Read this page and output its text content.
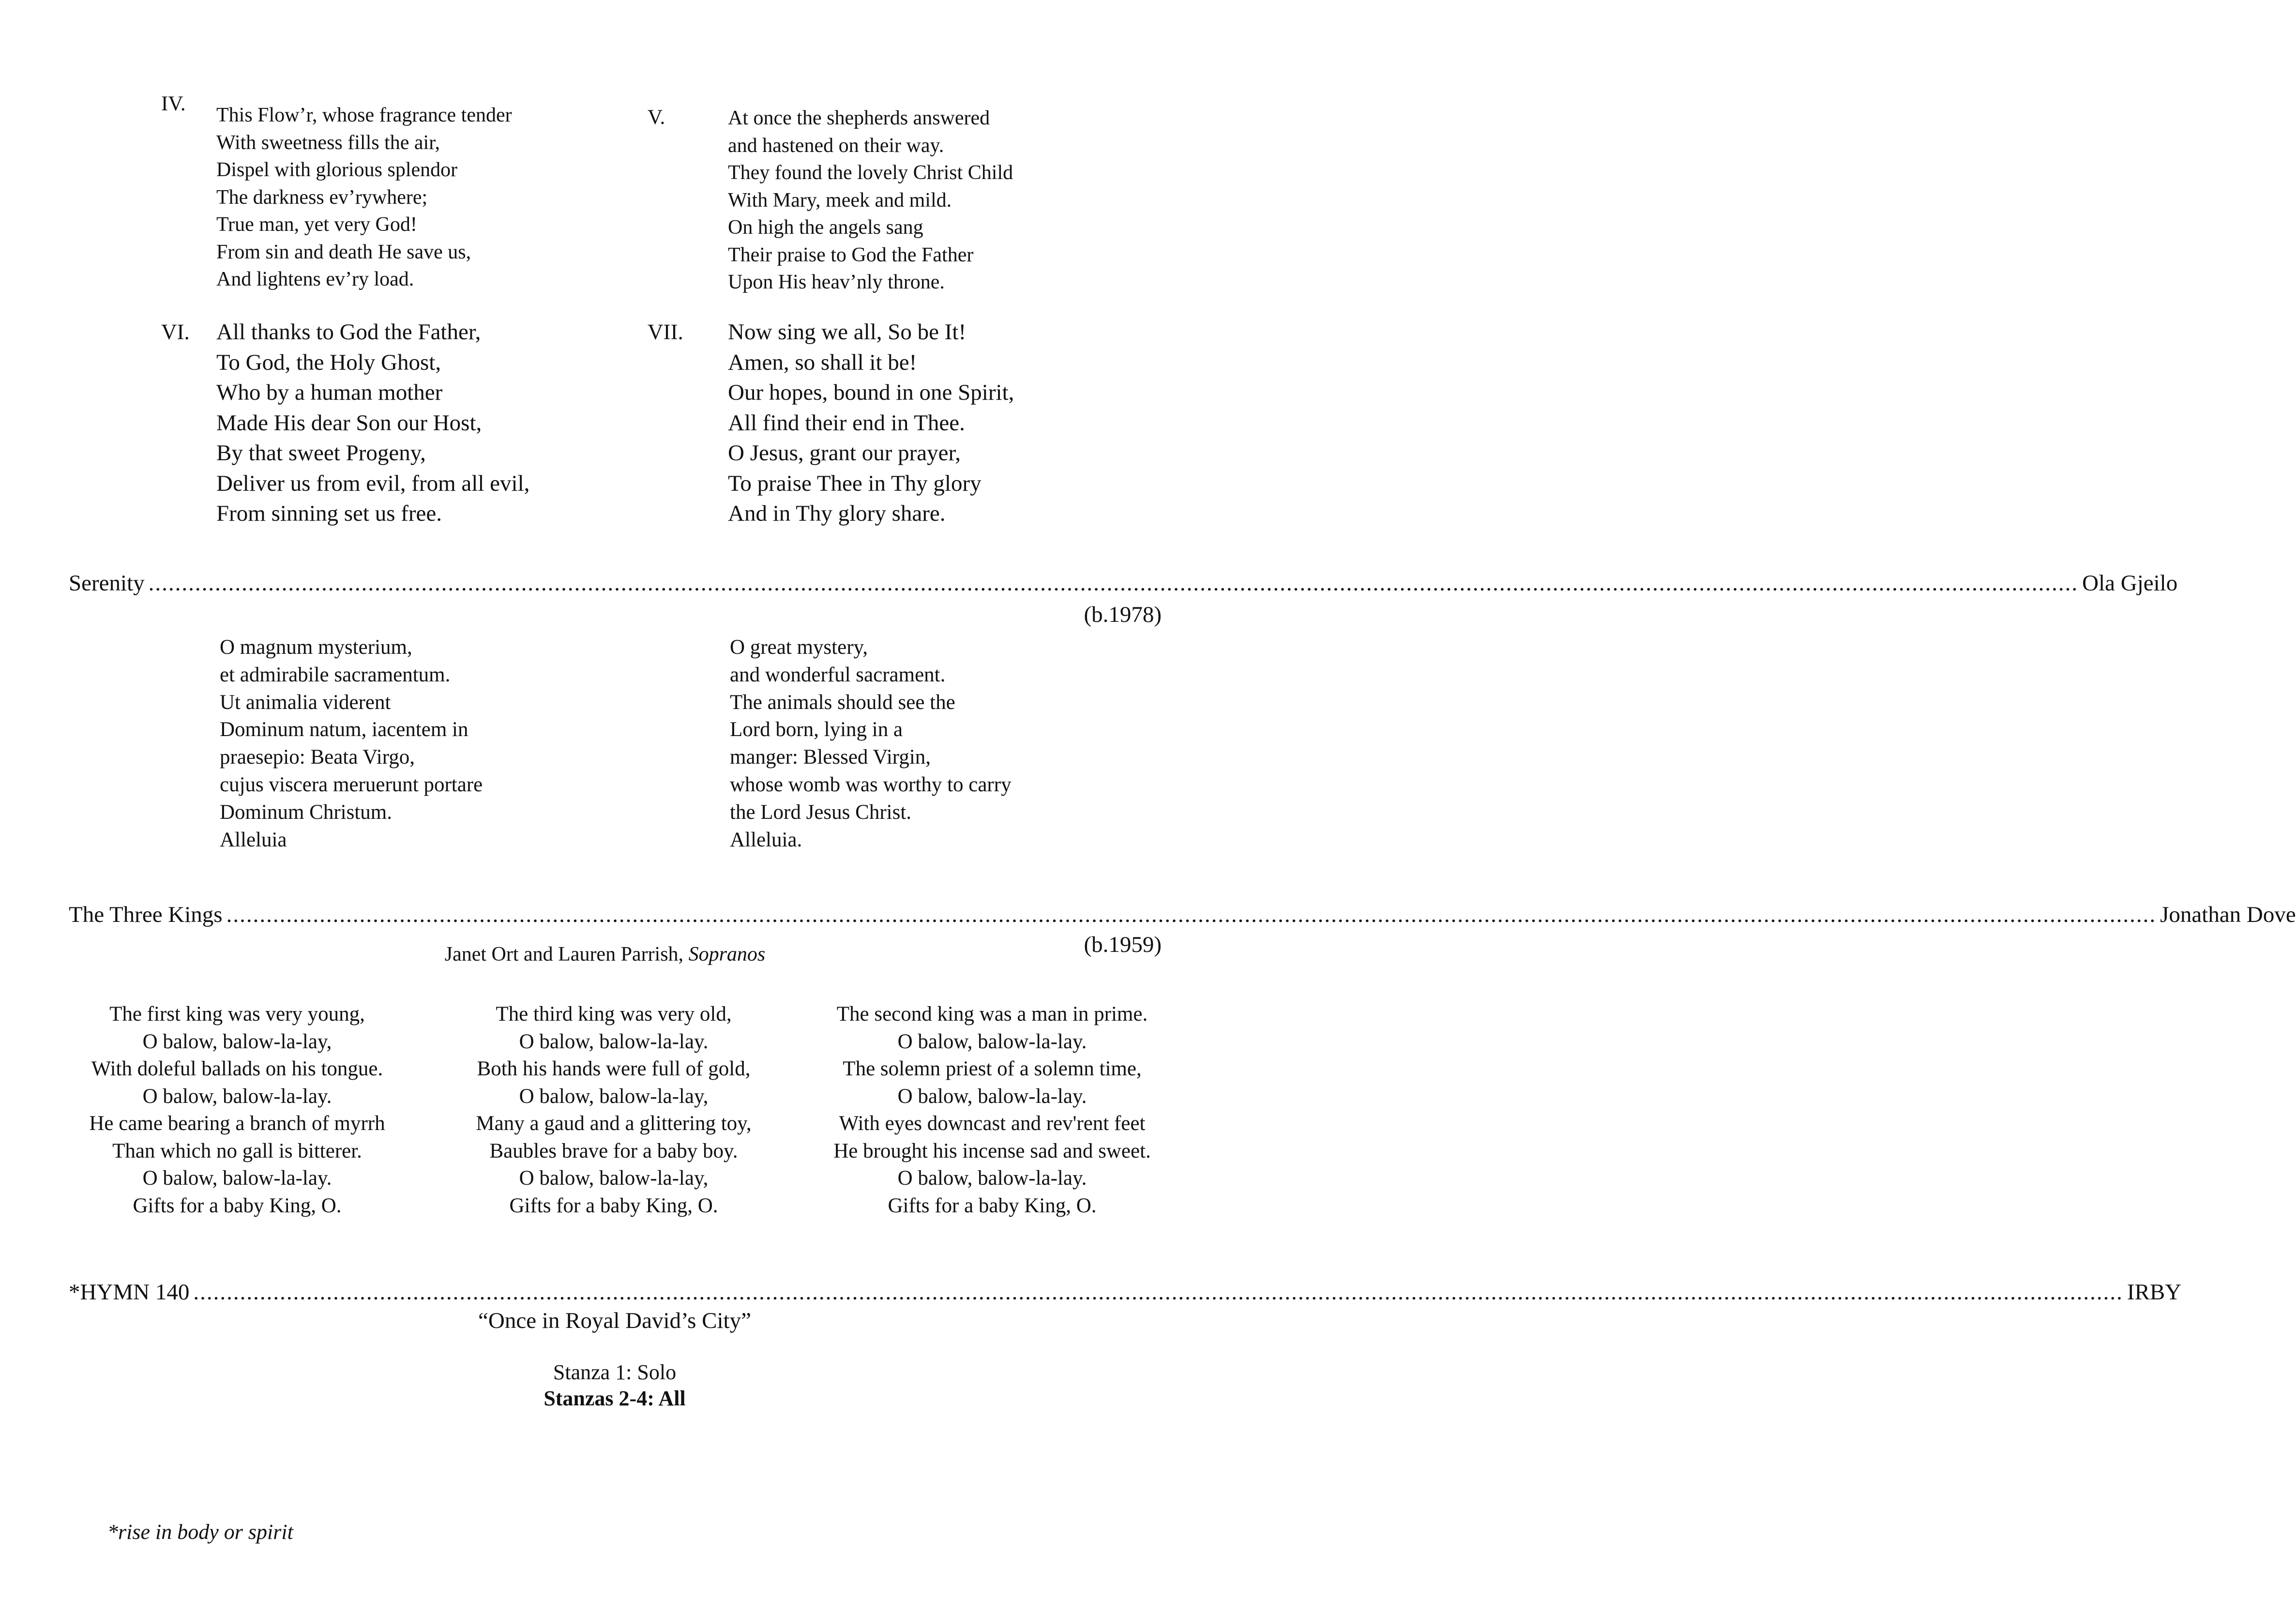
IV. This Flow’r, whose fragrance tender
With sweetness fills the air,
Dispel with glorious splendor
The darkness ev’rywhere;
True man, yet very God!
From sin and death He save us,
And lightens ev’ry load.
V.	At once the shepherds answered
and hastened on their way.
They found the lovely Christ Child
With Mary, meek and mild.
On high the angels sang
Their praise to God the Father
Upon His heav’nly throne.
VI. All thanks to God the Father,
To God, the Holy Ghost,
Who by a human mother
Made His dear Son our Host,
By that sweet Progeny,
Deliver us from evil, from all evil,
From sinning set us free.
VII. Now sing we all, So be It!
Amen, so shall it be!
Our hopes, bound in one Spirit,
All find their end in Thee.
O Jesus, grant our prayer,
To praise Thee in Thy glory
And in Thy glory share.
Serenity .................................................................................................................................................................................................................................................................................................. Ola Gjeilo
(b.1978)
O magnum mysterium,
et admirabile sacramentum.
Ut animalia viderent
Dominum natum, iacentem in
praesepio: Beata Virgo,
cujus viscera meruerunt portare
Dominum Christum.
Alleluia
O great mystery,
and wonderful sacrament.
The animals should see the
Lord born, lying in a
manger: Blessed Virgin,
whose womb was worthy to carry
the Lord Jesus Christ.
Alleluia.
The Three Kings .................................................................................................................................................................................................................................................................................................. Jonathan Dove
(b.1959)
Janet Ort and Lauren Parrish, Sopranos
The first king was very young,
O balow, balow-la-lay,
With doleful ballads on his tongue.
O balow, balow-la-lay.
He came bearing a branch of myrrh
Than which no gall is bitterer.
O balow, balow-la-lay.
Gifts for a baby King, O.
The third king was very old,
O balow, balow-la-lay.
Both his hands were full of gold,
O balow, balow-la-lay,
Many a gaud and a glittering toy,
Baubles brave for a baby boy.
O balow, balow-la-lay,
Gifts for a baby King, O.
The second king was a man in prime.
O balow, balow-la-lay.
The solemn priest of a solemn time,
O balow, balow-la-lay.
With eyes downcast and rev'rent feet
He brought his incense sad and sweet.
O balow, balow-la-lay.
Gifts for a baby King, O.
*HYMN 140 .................................................................................................................................................................................................................................................................................................. IRBY
“Once in Royal David’s City”
Stanza 1: Solo
Stanzas 2-4: All
*rise in body or spirit
